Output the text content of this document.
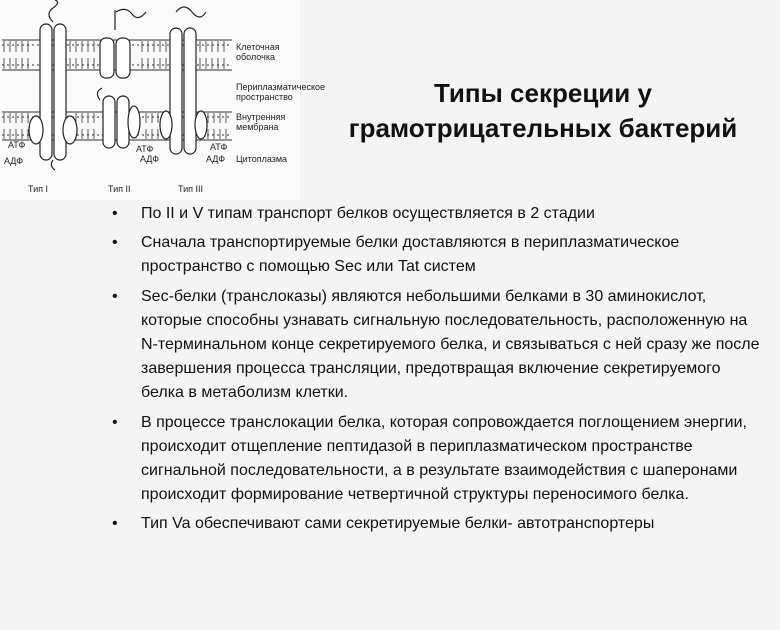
Клеточная
оболочка
Периплазматическое
пространство
Внутренняя
мембрана
Цитоплазма
АТФ
АДФ
АТФ
АДФ
АТФ
АДФ
Тип I	Тип II	Тип III
Типы секреции у
грамотрицательных бактерий
• По II и V типам транспорт белков осуществляется в 2 стадии
• Сначала транспортируемые белки доставляются в периплазматическое пространство с помощью Sec или Tat систем
• Sec-белки (транслоказы) являются небольшими белками в 30 аминокислот, которые способны узнавать сигнальную последовательность, расположенную на N-терминальном конце секретируемого белка, и связываться с ней сразу же после завершения процесса трансляции, предотвращая включение секретируемого белка в метаболизм клетки.
• В процессе транслокации белка, которая сопровождается поглощением энергии, происходит отщепление пептидазой в периплазматическом пространстве сигнальной последовательности, а в результате взаимодействия с шаперонами происходит формирование четвертичной структуры переносимого белка.
• Тип Va обеспечивают сами секретируемые белки- автотранспортеры
